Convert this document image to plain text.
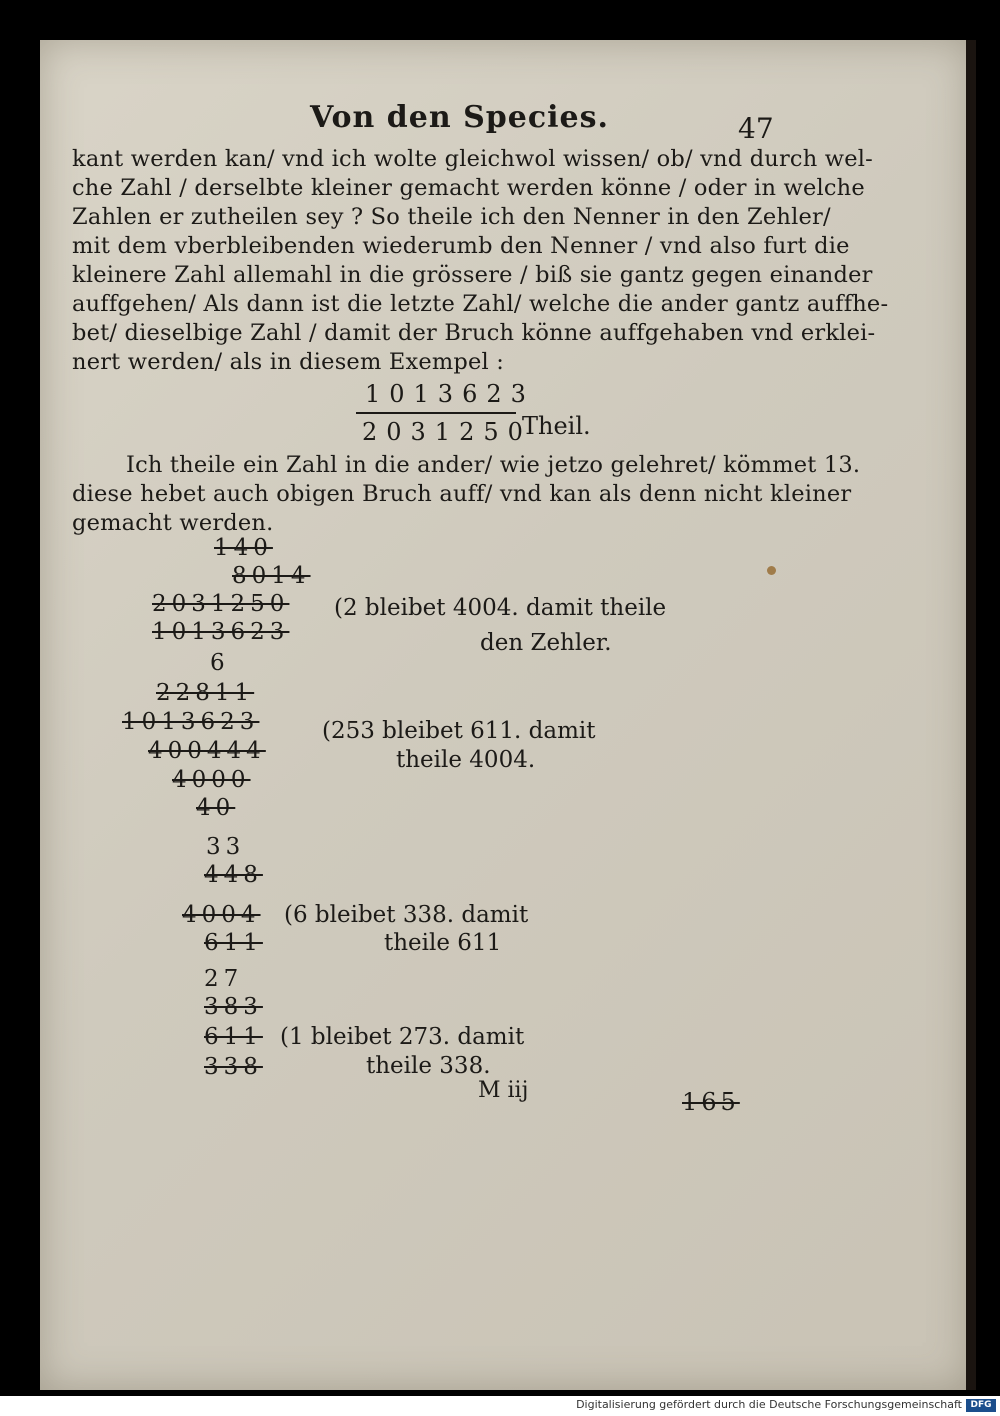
Von den Species.	47
kant werden kan/ vnd ich wolte gleichwol wissen/ ob/ vnd durch wel-
che Zahl / derselbte kleiner gemacht werden könne / oder in welche
Zahlen er zutheilen sey ? So theile ich den Nenner in den Zehler/
mit dem vberbleibenden wiederumb den Nenner / vnd also furt die
kleinere Zahl allemahl in die grössere / biß sie gantz gegen einander
auffgehen/ Als dann ist die letzte Zahl/ welche die ander gantz auffhe-
bet/ dieselbige Zahl / damit der Bruch könne auffgehaben vnd erklei-
nert werden/ als in diesem Exempel :
1013623
2031250
Theil.
Ich theile ein Zahl in die ander/ wie jetzo gelehret/ kömmet 13.
diese hebet auch obigen Bruch auff/ vnd kan als denn nicht kleiner
gemacht werden.
140
8014
2031250
1013623
(2 bleibet 4004. damit theile
den Zehler.
6
22811
1013623
400444
4000
40
(253 bleibet 611. damit
theile 4004.
33
448
4004
611
(6 bleibet 338. damit
theile 611
27
383
611
338
(1 bleibet 273. damit
theile 338.
M iij	165
Digitalisierung gefördert durch die Deutsche Forschungsgemeinschaft DFG
